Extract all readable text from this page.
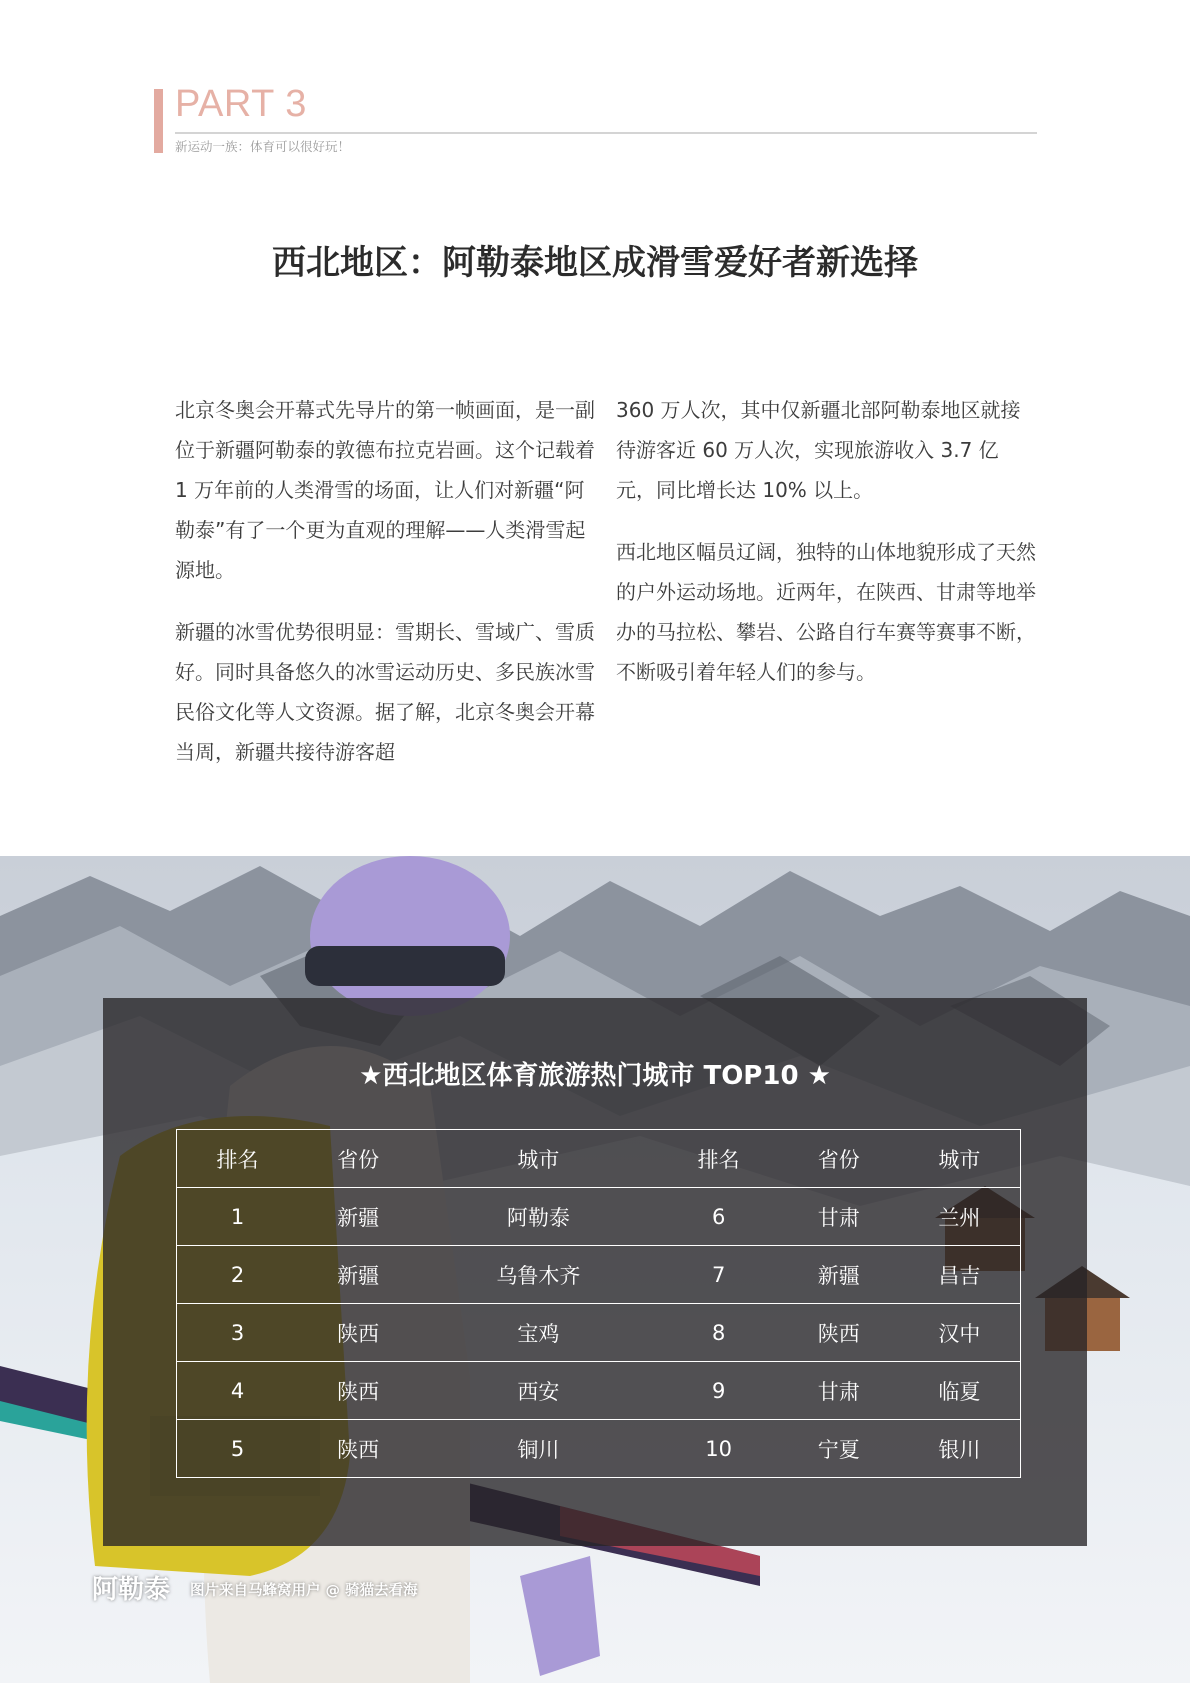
PART 3
新运动一族：体育可以很好玩！
西北地区：阿勒泰地区成滑雪爱好者新选择

北京冬奥会开幕式先导片的第一帧画面，是一副位于新疆阿勒泰的敦德布拉克岩画。这个记载着 1 万年前的人类滑雪的场面，让人们对新疆“阿勒泰”有了一个更为直观的理解——人类滑雪起源地。

新疆的冰雪优势很明显：雪期长、雪域广、雪质好。同时具备悠久的冰雪运动历史、多民族冰雪民俗文化等人文资源。据了解，北京冬奥会开幕当周，新疆共接待游客超

360 万人次，其中仅新疆北部阿勒泰地区就接待游客近 60 万人次，实现旅游收入 3.7 亿元，同比增长达 10% 以上。

西北地区幅员辽阔，独特的山体地貌形成了天然的户外运动场地。近两年，在陕西、甘肃等地举办的马拉松、攀岩、公路自行车赛等赛事不断，不断吸引着年轻人们的参与。

★西北地区体育旅游热门城市 TOP10 ★
排名	省份	城市	排名	省份	城市
1	新疆	阿勒泰	6	甘肃	兰州
2	新疆	乌鲁木齐	7	新疆	昌吉
3	陕西	宝鸡	8	陕西	汉中
4	陕西	西安	9	甘肃	临夏
5	陕西	铜川	10	宁夏	银川
阿勒泰 图片来自马蜂窝用户 @ 骑猫去看海
